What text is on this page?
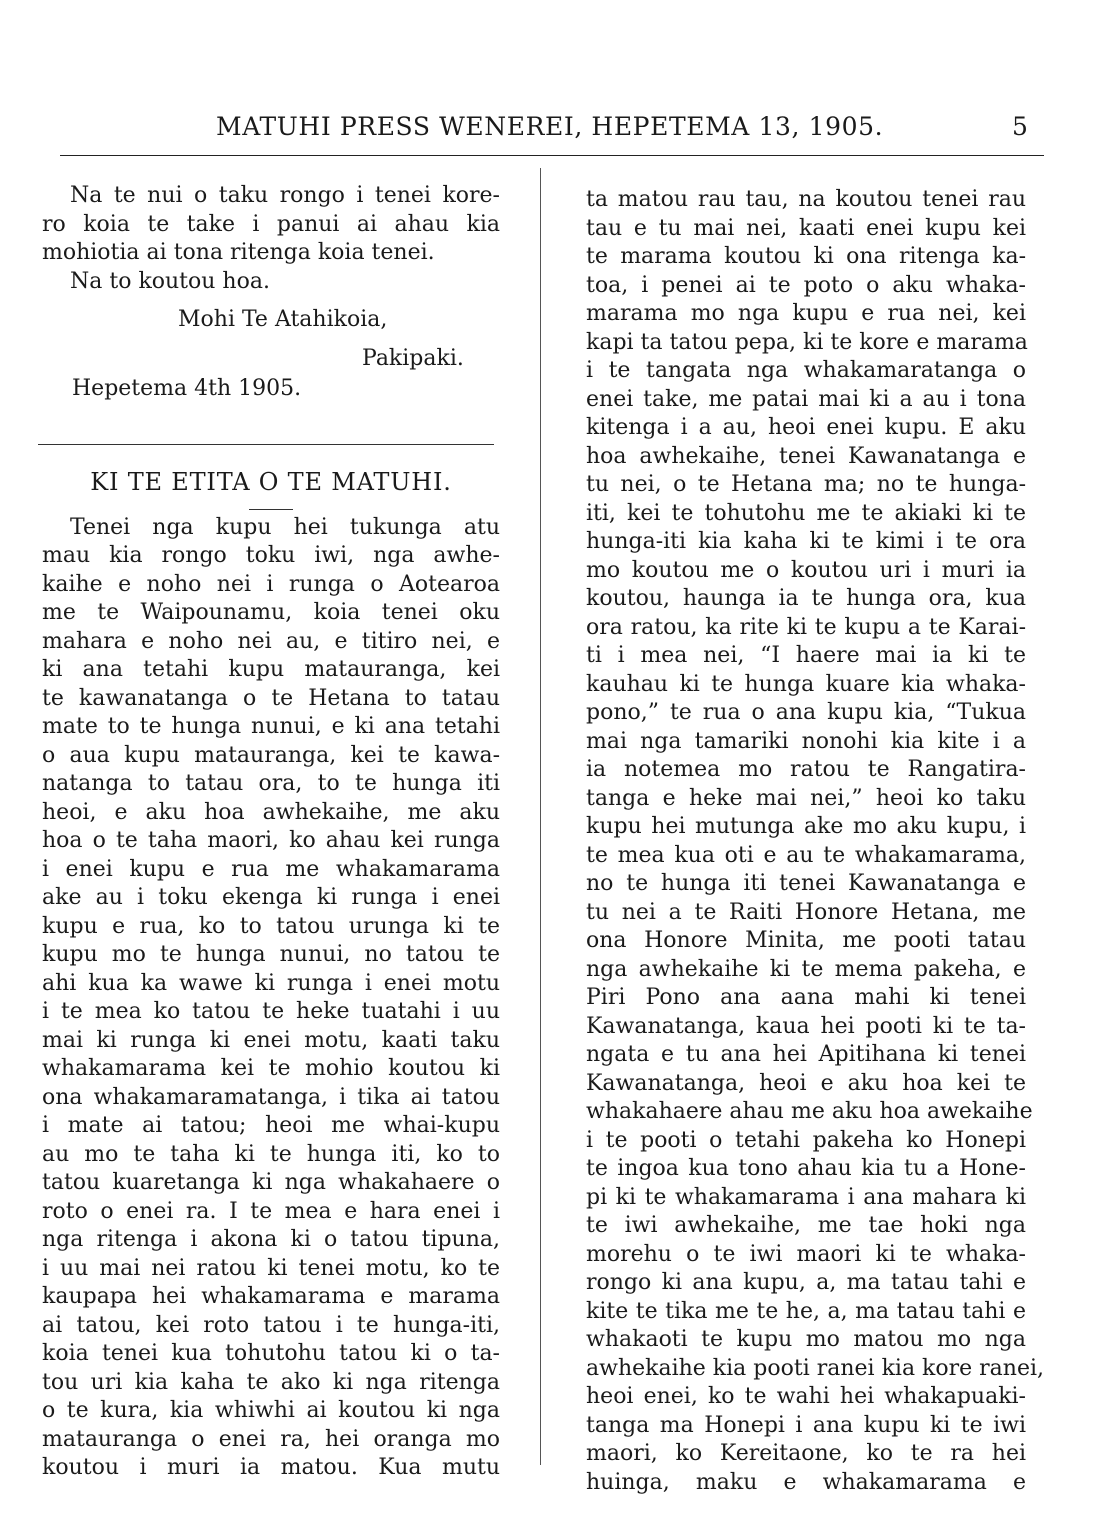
MATUHI PRESS WENEREI, HEPETEMA 13, 1905.	5
Na te nui o taku rongo i tenei kore-
ro koia te take i panui ai ahau kia
mohiotia ai tona ritenga koia tenei.
Na to koutou hoa.
Mohi Te Atahikoia,
Pakipaki.
Hepetema 4th 1905.
KI TE ETITA O TE MATUHI.
Tenei nga kupu hei tukunga atu
mau kia rongo toku iwi, nga awhe-
kaihe e noho nei i runga o Aotearoa
me te Waipounamu, koia tenei oku
mahara e noho nei au, e titiro nei, e
ki ana tetahi kupu matauranga, kei
te kawanatanga o te Hetana to tatau
mate to te hunga nunui, e ki ana tetahi
o aua kupu matauranga, kei te kawa-
natanga to tatau ora, to te hunga iti
heoi, e aku hoa awhekaihe, me aku
hoa o te taha maori, ko ahau kei runga
i enei kupu e rua me whakamarama
ake au i toku ekenga ki runga i enei
kupu e rua, ko to tatou urunga ki te
kupu mo te hunga nunui, no tatou te
ahi kua ka wawe ki runga i enei motu
i te mea ko tatou te heke tuatahi i uu
mai ki runga ki enei motu, kaati taku
whakamarama kei te mohio koutou ki
ona whakamaramatanga, i tika ai tatou
i mate ai tatou; heoi me whai-kupu
au mo te taha ki te hunga iti, ko to
tatou kuaretanga ki nga whakahaere o
roto o enei ra. I te mea e hara enei i
nga ritenga i akona ki o tatou tipuna,
i uu mai nei ratou ki tenei motu, ko te
kaupapa hei whakamarama e marama
ai tatou, kei roto tatou i te hunga-iti,
koia tenei kua tohutohu tatou ki o ta-
tou uri kia kaha te ako ki nga ritenga
o te kura, kia whiwhi ai koutou ki nga
matauranga o enei ra, hei oranga mo
koutou i muri ia matou. Kua mutu
ta matou rau tau, na koutou tenei rau
tau e tu mai nei, kaati enei kupu kei
te marama koutou ki ona ritenga ka-
toa, i penei ai te poto o aku whaka-
marama mo nga kupu e rua nei, kei
kapi ta tatou pepa, ki te kore e marama
i te tangata nga whakamaratanga o
enei take, me patai mai ki a au i tona
kitenga i a au, heoi enei kupu. E aku
hoa awhekaihe, tenei Kawanatanga e
tu nei, o te Hetana ma; no te hunga-
iti, kei te tohutohu me te akiaki ki te
hunga-iti kia kaha ki te kimi i te ora
mo koutou me o koutou uri i muri ia
koutou, haunga ia te hunga ora, kua
ora ratou, ka rite ki te kupu a te Karai-
ti i mea nei, “I haere mai ia ki te
kauhau ki te hunga kuare kia whaka-
pono,” te rua o ana kupu kia, “Tukua
mai nga tamariki nonohi kia kite i a
ia notemea mo ratou te Rangatira-
tanga e heke mai nei,” heoi ko taku
kupu hei mutunga ake mo aku kupu, i
te mea kua oti e au te whakamarama,
no te hunga iti tenei Kawanatanga e
tu nei a te Raiti Honore Hetana, me
ona Honore Minita, me pooti tatau
nga awhekaihe ki te mema pakeha, e
Piri Pono ana aana mahi ki tenei
Kawanatanga, kaua hei pooti ki te ta-
ngata e tu ana hei Apitihana ki tenei
Kawanatanga, heoi e aku hoa kei te
whakahaere ahau me aku hoa awekaihe
i te pooti o tetahi pakeha ko Honepi
te ingoa kua tono ahau kia tu a Hone-
pi ki te whakamarama i ana mahara ki
te iwi awhekaihe, me tae hoki nga
morehu o te iwi maori ki te whaka-
rongo ki ana kupu, a, ma tatau tahi e
kite te tika me te he, a, ma tatau tahi e
whakaoti te kupu mo matou mo nga
awhekaihe kia pooti ranei kia kore ranei,
heoi enei, ko te wahi hei whakapuaki-
tanga ma Honepi i ana kupu ki te iwi
maori, ko Kereitaone, ko te ra hei
huinga, maku e whakamarama e
